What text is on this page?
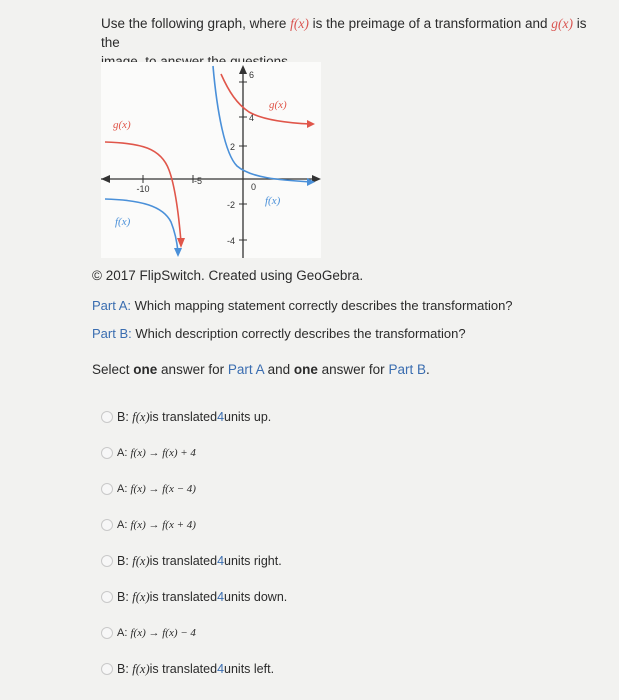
Use the following graph, where f(x) is the preimage of a transformation and g(x) is the

-10
-5
0
6
4
2
-2
-4
g(x)
g(x)
f(x)
f(x)
© 2017 FlipSwitch. Created using GeoGebra.
Part A: Which mapping statement correctly describes the transformation?
Part B: Which description correctly describes the transformation?
Select one answer for Part A and one answer for Part B.
B:
f(x) is translated 4 units up.
A:
f(x) → f(x) + 4
A:
f(x) → f(x − 4)
A:
f(x) → f(x + 4)
B:
f(x) is translated 4 units right.
B:
f(x) is translated 4 units down.
A:
f(x) → f(x) − 4
B:
f(x) is translated 4 units left.
